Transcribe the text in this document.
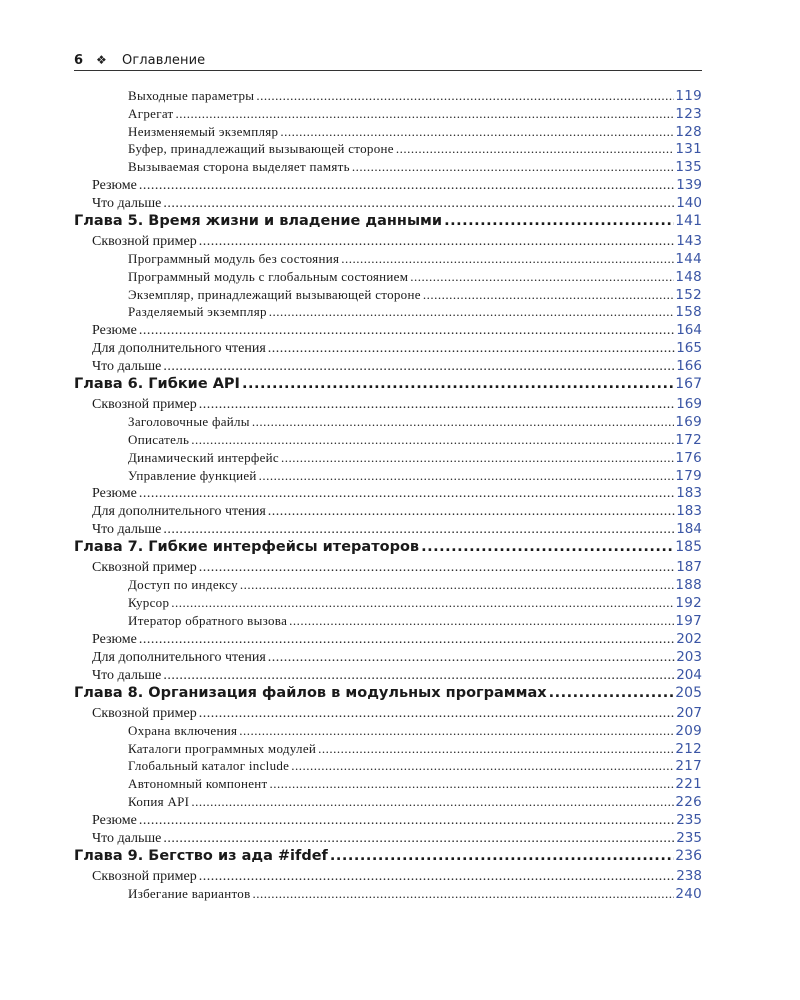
6	❖	Оглавление
Выходные параметры .....	119
Агрегат .....	123
Неизменяемый экземпляр .....	128
Буфер, принадлежащий вызывающей стороне .....	131
Вызываемая сторона выделяет память .....	135
Резюме .....	139
Что дальше .....	140
Глава 5. Время жизни и владение данными .....	141
Сквозной пример .....	143
Программный модуль без состояния .....	144
Программный модуль с глобальным состоянием .....	148
Экземпляр, принадлежащий вызывающей стороне .....	152
Разделяемый экземпляр .....	158
Резюме .....	164
Для дополнительного чтения .....	165
Что дальше .....	166
Глава 6. Гибкие API .....	167
Сквозной пример .....	169
Заголовочные файлы .....	169
Описатель .....	172
Динамический интерфейс .....	176
Управление функцией .....	179
Резюме .....	183
Для дополнительного чтения .....	183
Что дальше .....	184
Глава 7. Гибкие интерфейсы итераторов .....	185
Сквозной пример .....	187
Доступ по индексу .....	188
Курсор .....	192
Итератор обратного вызова .....	197
Резюме .....	202
Для дополнительного чтения .....	203
Что дальше .....	204
Глава 8. Организация файлов в модульных программах .....	205
Сквозной пример .....	207
Охрана включения .....	209
Каталоги программных модулей .....	212
Глобальный каталог include .....	217
Автономный компонент .....	221
Копия API .....	226
Резюме .....	235
Что дальше .....	235
Глава 9. Бегство из ада #ifdef .....	236
Сквозной пример .....	238
Избегание вариантов .....	240
